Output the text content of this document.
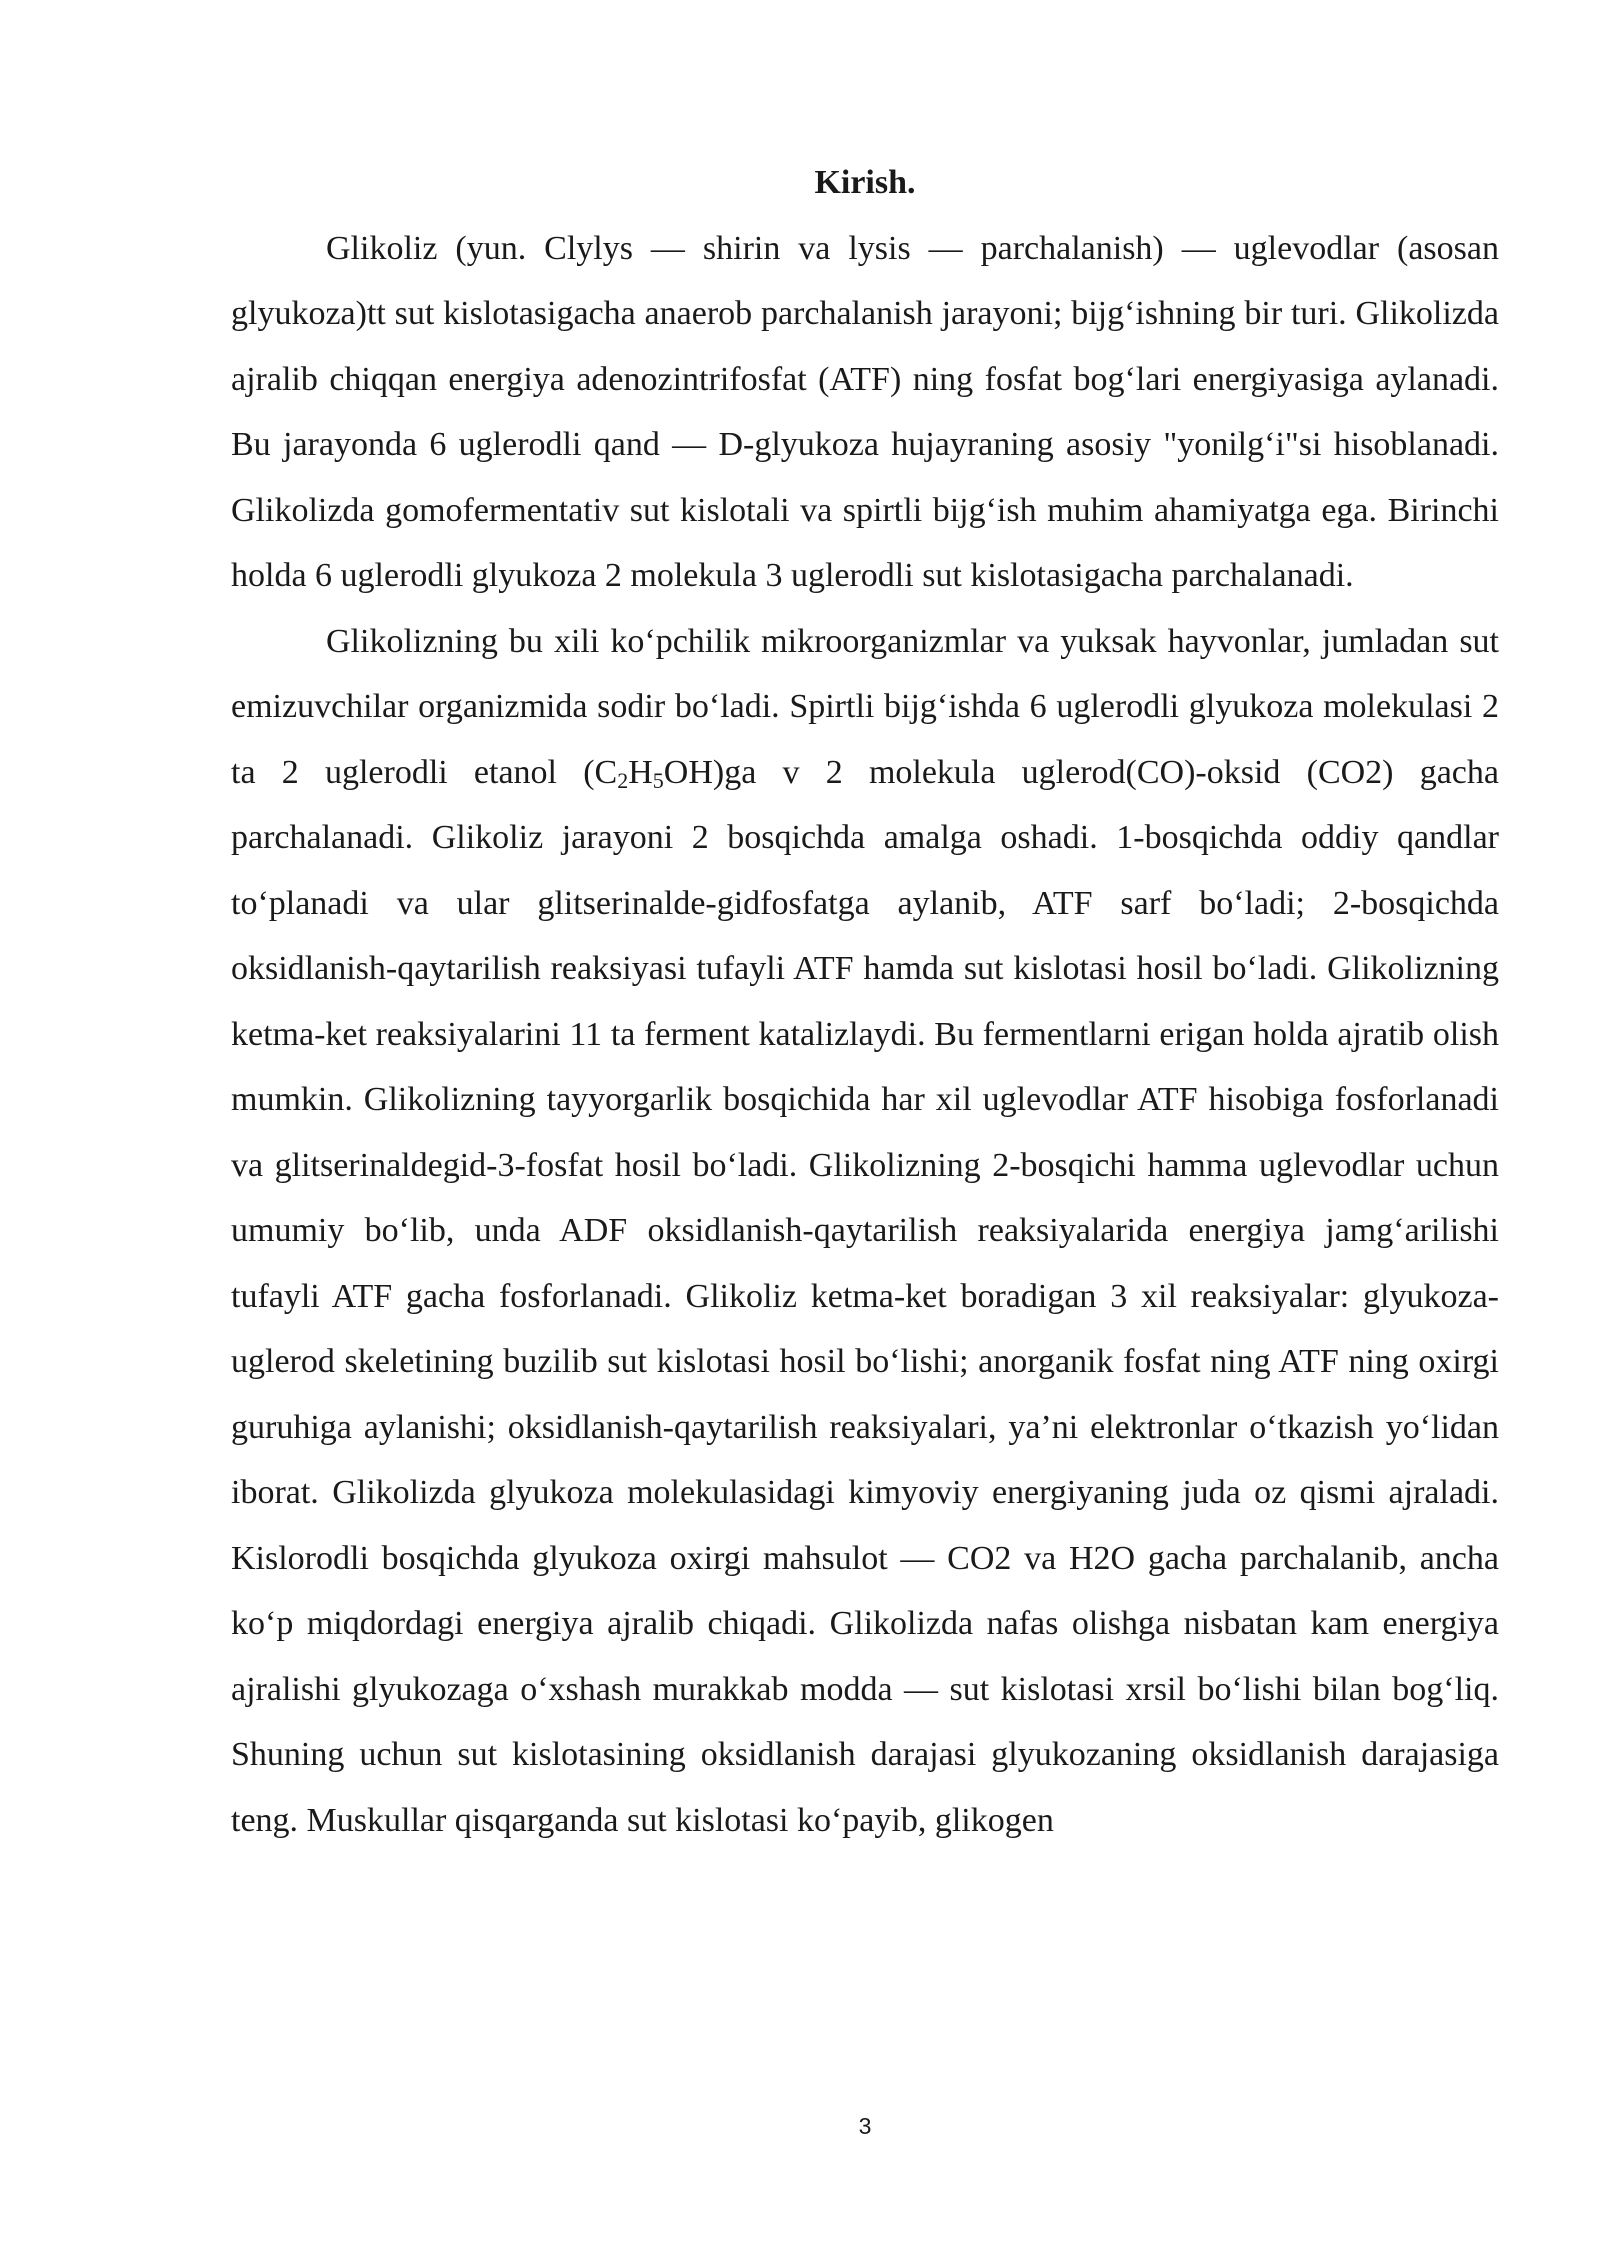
Kirish.

Glikoliz (yun. Clylys — shirin va lysis — parchalanish) — uglevodlar (asosan glyukoza)tt sut kislotasigacha anaerob parchalanish jarayoni; bijg‘ishning bir turi. Glikolizda ajralib chiqqan energiya adenozintrifosfat (ATF) ning fosfat bog‘lari energiyasiga aylanadi. Bu jarayonda 6 uglerodli qand — D-glyukoza hujayraning asosiy "yonilg‘i"si hisoblanadi. Glikolizda gomofermentativ sut kislotali va spirtli bijg‘ish muhim ahamiyatga ega. Birinchi holda 6 uglerodli glyukoza 2 molekula 3 uglerodli sut kislotasigacha parchalanadi.

Glikolizning bu xili ko‘pchilik mikroorganizmlar va yuksak hayvonlar, jumladan sut emizuvchilar organizmida sodir bo‘ladi. Spirtli bijg‘ishda 6 uglerodli glyukoza molekulasi 2 ta 2 uglerodli etanol $(C_2H_5OH)ga$ v 2 molekula uglerod(CO)-oksid (CO2) gacha parchalanadi. Glikoliz jarayoni 2 bosqichda amalga oshadi. 1-bosqichda oddiy qandlar to‘planadi va ular glitserinalde-gidfosfatga aylanib, ATF sarf bo‘ladi; 2-bosqichda oksidlanish-qaytarilish reaksiyasi tufayli ATF hamda sut kislotasi hosil bo‘ladi. Glikolizning ketma-ket reaksiyalarini 11 ta ferment katalizlaydi. Bu fermentlarni erigan holda ajratib olish mumkin. Glikolizning tayyorgarlik bosqichida har xil uglevodlar ATF hisobiga fosforlanadi va glitserinaldegid-3-fosfat hosil bo‘ladi. Glikolizning 2-bosqichi hamma uglevodlar uchun umumiy bo‘lib, unda ADF oksidlanish-qaytarilish reaksiyalarida energiya jamg‘arilishi tufayli ATF gacha fosforlanadi. Glikoliz ketma-ket boradigan 3 xil reaksiyalar: glyukoza-uglerod skeletining buzilib sut kislotasi hosil bo‘lishi; anorganik fosfat ning ATF ning oxirgi guruhiga aylanishi; oksidlanish-qaytarilish reaksiyalari, ya’ni elektronlar o‘tkazish yo‘lidan iborat. Glikolizda glyukoza molekulasidagi kimyoviy energiyaning juda oz qismi ajraladi. Kislorodli bosqichda glyukoza oxirgi mahsulot — CO2 va H2O gacha parchalanib, ancha ko‘p miqdordagi energiya ajralib chiqadi. Glikolizda nafas olishga nisbatan kam energiya ajralishi glyukozaga o‘xshash murakkab modda — sut kislotasi xrsil bo‘lishi bilan bog‘liq. Shuning uchun sut kislotasining oksidlanish darajasi glyukozaning oksidlanish darajasiga teng. Muskullar qisqarganda sut kislotasi ko‘payib, glikogen

3
